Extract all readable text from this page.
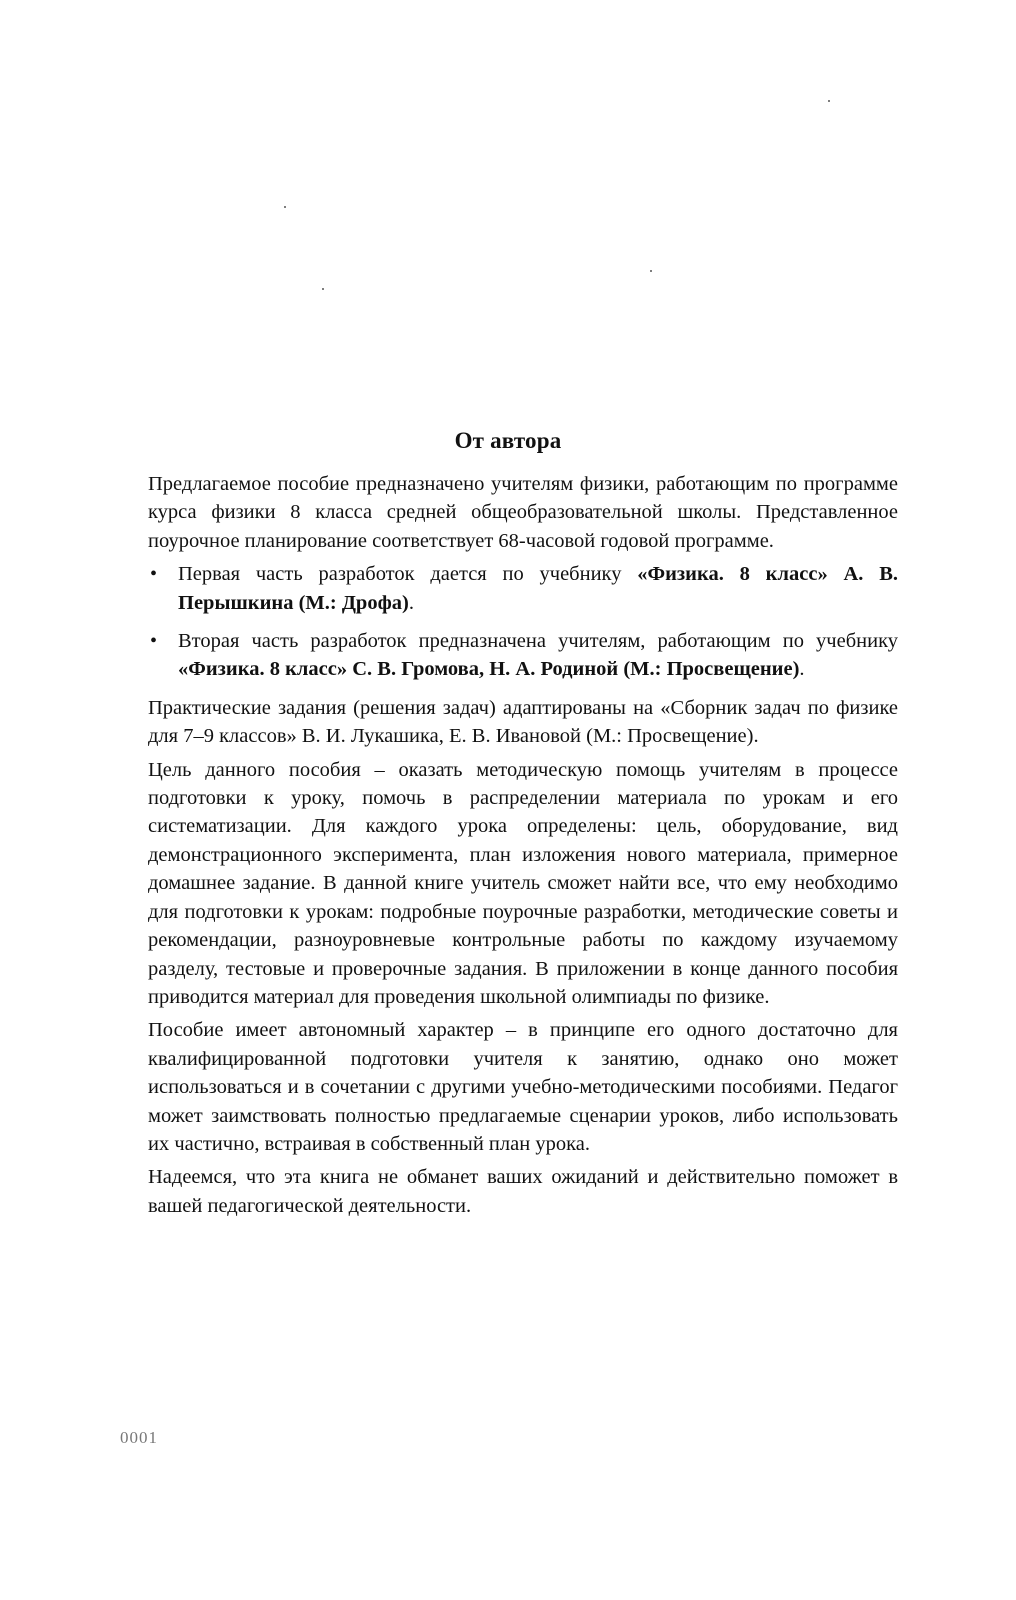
От автора

Предлагаемое пособие предназначено учителям физики, работающим по программе курса физики 8 класса средней общеобразовательной школы. Представленное поурочное планирование соответствует 68-часовой годовой программе.

• Первая часть разработок дается по учебнику «Физика. 8 класс» А. В. Перышкина (М.: Дрофа).
• Вторая часть разработок предназначена учителям, работающим по учебнику «Физика. 8 класс» С. В. Громова, Н. А. Родиной (М.: Просвещение).

Практические задания (решения задач) адаптированы на «Сборник задач по физике для 7–9 классов» В. И. Лукашика, Е. В. Ивановой (М.: Просвещение).

Цель данного пособия – оказать методическую помощь учителям в процессе подготовки к уроку, помочь в распределении материала по урокам и его систематизации. Для каждого урока определены: цель, оборудование, вид демонстрационного эксперимента, план изложения нового материала, примерное домашнее задание. В данной книге учитель сможет найти все, что ему необходимо для подготовки к урокам: подробные поурочные разработки, методические советы и рекомендации, разноуровневые контрольные работы по каждому изучаемому разделу, тестовые и проверочные задания. В приложении в конце данного пособия приводится материал для проведения школьной олимпиады по физике.

Пособие имеет автономный характер – в принципе его одного достаточно для квалифицированной подготовки учителя к занятию, однако оно может использоваться и в сочетании с другими учебно-методическими пособиями. Педагог может заимствовать полностью предлагаемые сценарии уроков, либо использовать их частично, встраивая в собственный план урока.

Надеемся, что эта книга не обманет ваших ожиданий и действительно поможет в вашей педагогической деятельности.

0001
